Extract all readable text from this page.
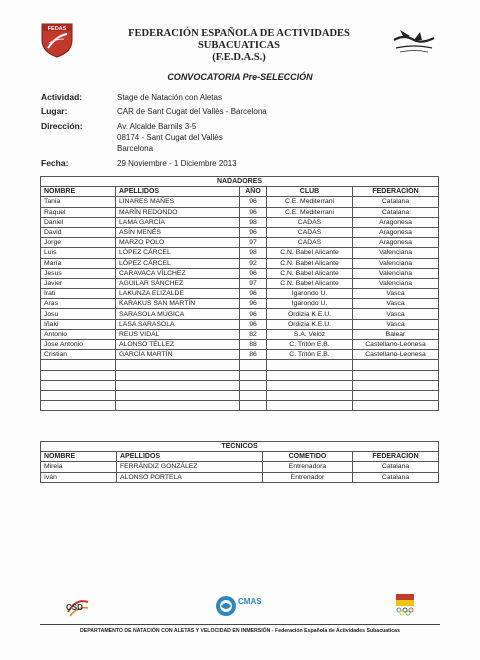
FEDAS	FEDERACIÓN ESPAÑOLA DE ACTIVIDADES SUBACUATICAS
(F.E.D.A.S.)
CONVOCATORIA Pre-SELECCIÓN
Actividad:	Stage de Natación con Aletas
Lugar:	CAR de Sant Cugat del Vallès - Barcelona
Dirección:	Av. Alcalde Barnils 3-5
08174 - Sant Cugat del Vallès
Barcelona
Fecha:	29 Noviembre - 1 Diciembre 2013
NADADORES				
NOMBRE	APELLIDOS	AÑO	CLUB	FEDERACIÓN
Tania	LINARES MAÑES	96	C.E. Mediterrani	Catalana
Raquel	MARÍN REDONDO	96	C.E. Mediterrani	Catalana
Daniel	LAMA GARCÍA	98	CADAS	Aragonesa
David	ASÍN MENÉS	96	CADAS	Aragonesa
Jorge	MARZO POLO	97	CADAS	Aragonesa
Luis	LÓPEZ CÁRCEL	98	C.N. Babel Alicante	Valenciana
María	LÓPEZ CÁRCEL	92	C.N. Babel Alicante	Valenciana
Jesus	CARAVACA VÍLCHEZ	96	C.N. Babel Alicante	Valenciana
Javier	AGUILAR SÁNCHEZ	97	C.N. Babel Alicante	Valenciana
Irati	LAKUNZA ELIZALDE	96	Igarondo U.	Vasca
Aras	KARAKUS SAN MARTÍN	96	Igarondo U.	Vasca
Josu	SARASOLA MÚGICA	96	Ordizia K.E.U.	Vasca
Iñaki	LASA SARASOLA	96	Ordizia K.E.U.	Vasca
Antonio	REUS VIDAL	82	S.A. Veloz	Balear
Jose Antonio	ALONSO TÉLLEZ	88	C. Tritón E.B.	Castellano-Leonesa
Cristian	GARCÍA MARTÍN	86	C. Tritón E.B.	Castellano-Leonesa

TÉCNICOS			
NOMBRE	APELLIDOS	COMETIDO	FEDERACIÓN
Mireia	FERRÁNDIZ GONZÁLEZ	Entrenadora	Catalana
Iván	ALONSO PORTELA	Entrenador	Catalana
CSD
CMAS
DEPARTAMENTO DE NATACIÓN CON ALETAS Y VELOCIDAD EN INMERSIÓN - Federación Española de Actividades Subacuaticas
